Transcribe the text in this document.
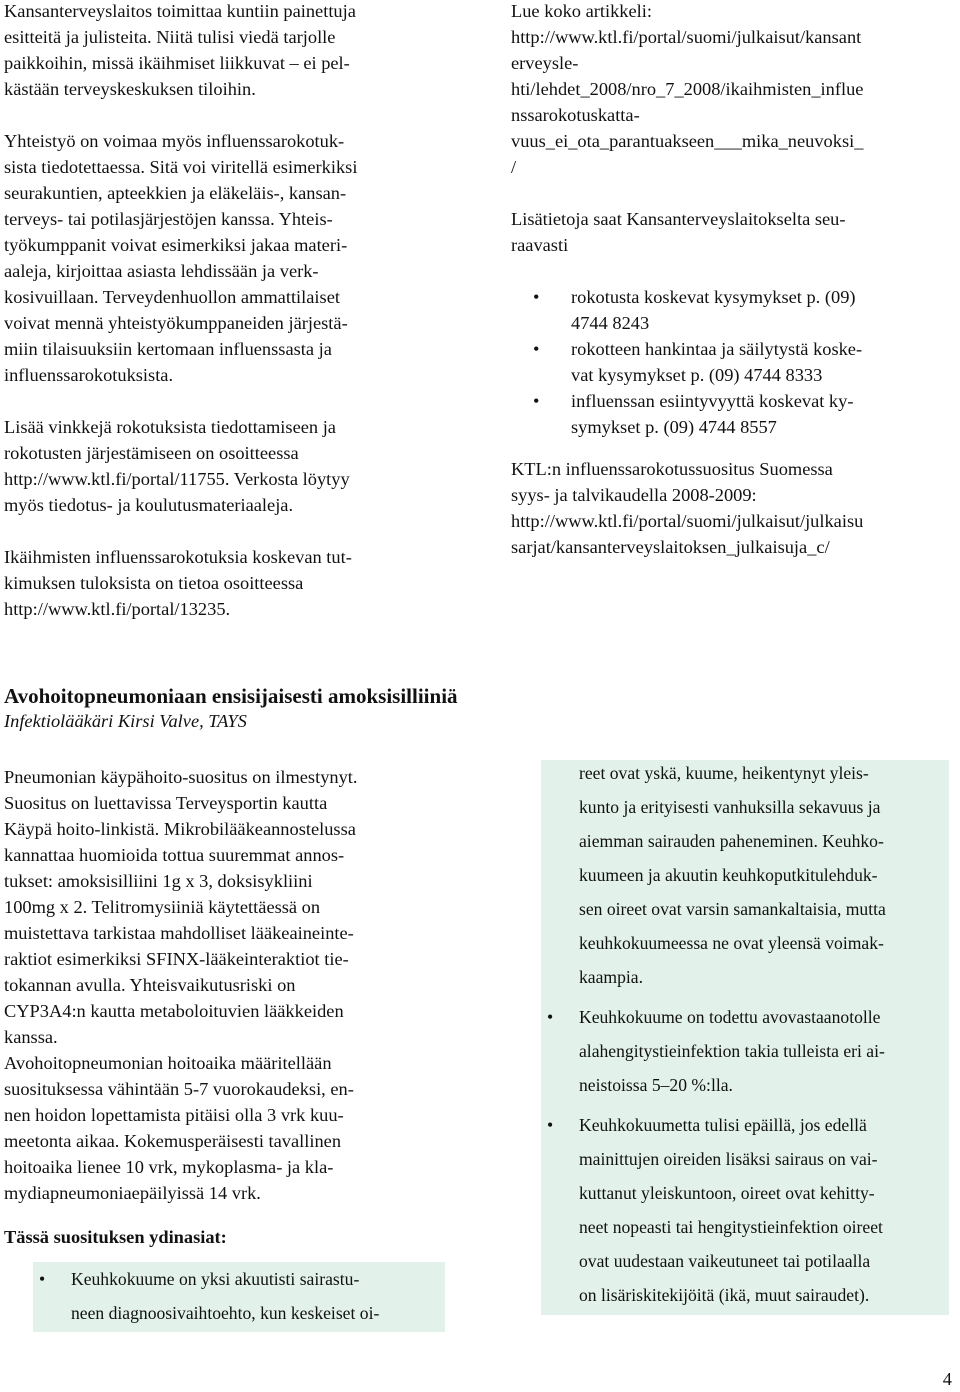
Kansanterveyslaitos toimittaa kuntiin painettuja
esitteitä ja julisteita. Niitä tulisi viedä tarjolle
paikkoihin, missä ikäihmiset liikkuvat – ei pel-
kästään terveyskeskuksen tiloihin.
Yhteistyö on voimaa myös influenssarokotuk-
sista tiedotettaessa. Sitä voi viritellä esimerkiksi
seurakuntien, apteekkien ja eläkeläis-, kansan-
terveys- tai potilasjärjestöjen kanssa. Yhteis-
työkumppanit voivat esimerkiksi jakaa materi-
aaleja, kirjoittaa asiasta lehdissään ja verk-
kosivuillaan. Terveydenhuollon ammattilaiset
voivat mennä yhteistyökumppaneiden järjestä-
miin tilaisuuksiin kertomaan influenssasta ja
influenssarokotuksista.
Lisää vinkkejä rokotuksista tiedottamiseen ja
rokotusten järjestämiseen on osoitteessa
http://www.ktl.fi/portal/11755. Verkosta löytyy
myös tiedotus- ja koulutusmateriaaleja.
Ikäihmisten influenssarokotuksia koskevan tut-
kimuksen tuloksista on tietoa osoitteessa
http://www.ktl.fi/portal/13235.
Lue koko artikkeli:
http://www.ktl.fi/portal/suomi/julkaisut/kansant
erveysle-
hti/lehdet_2008/nro_7_2008/ikaihmisten_influe
nssarokotuskatta-
vuus_ei_ota_parantuakseen___mika_neuvoksi_
/
Lisätietoja saat Kansanterveyslaitokselta seu-
raavasti
• rokotusta koskevat kysymykset p. (09)
4744 8243
• rokotteen hankintaa ja säilytystä koske-
vat kysymykset p. (09) 4744 8333
• influenssan esiintyvyyttä koskevat ky-
symykset p. (09) 4744 8557
KTL:n influenssarokotussuositus Suomessa
syys- ja talvikaudella 2008-2009:
http://www.ktl.fi/portal/suomi/julkaisut/julkaisu
sarjat/kansanterveyslaitoksen_julkaisuja_c/
Avohoitopneumoniaan ensisijaisesti amoksisilliiniä
Infektiolääkäri Kirsi Valve, TAYS
Pneumonian käypähoito-suositus on ilmestynyt.
Suositus on luettavissa Terveysportin kautta
Käypä hoito-linkistä. Mikrobilääkeannostelussa
kannattaa huomioida tottua suuremmat annos-
tukset: amoksisilliini 1g x 3, doksisykliini
100mg x 2. Telitromysiiniä käytettäessä on
muistettava tarkistaa mahdolliset lääkeaineinte-
raktiot esimerkiksi SFINX-lääkeinteraktiot tie-
tokannan avulla. Yhteisvaikutusriski on
CYP3A4:n kautta metaboloituvien lääkkeiden
kanssa.
Avohoitopneumonian hoitoaika määritellään
suosituksessa vähintään 5-7 vuorokaudeksi, en-
nen hoidon lopettamista pitäisi olla 3 vrk kuu-
meetonta aikaa. Kokemusperäisesti tavallinen
hoitoaika lienee 10 vrk, mykoplasma- ja kla-
mydiapneumoniaepäilyissä 14 vrk.
Tässä suosituksen ydinasiat:
• Keuhkokuume on yksi akuutisti sairastu-
neen diagnoosivaihtoehto, kun keskeiset oi-
reet ovat yskä, kuume, heikentynyt yleis-
kunto ja erityisesti vanhuksilla sekavuus ja
aiemman sairauden paheneminen. Keuhko-
kuumeen ja akuutin keuhkoputkitulehduk-
sen oireet ovat varsin samankaltaisia, mutta
keuhkokuumeessa ne ovat yleensä voimak-
kaampia.
• Keuhkokuume on todettu avovastaanotolle
alahengitystieinfektion takia tulleista eri ai-
neistoissa 5–20 %:lla.
• Keuhkokuumetta tulisi epäillä, jos edellä
mainittujen oireiden lisäksi sairaus on vai-
kuttanut yleiskuntoon, oireet ovat kehitty-
neet nopeasti tai hengitystieinfektion oireet
ovat uudestaan vaikeutuneet tai potilaalla
on lisäriskitekijöitä (ikä, muut sairaudet).
4
